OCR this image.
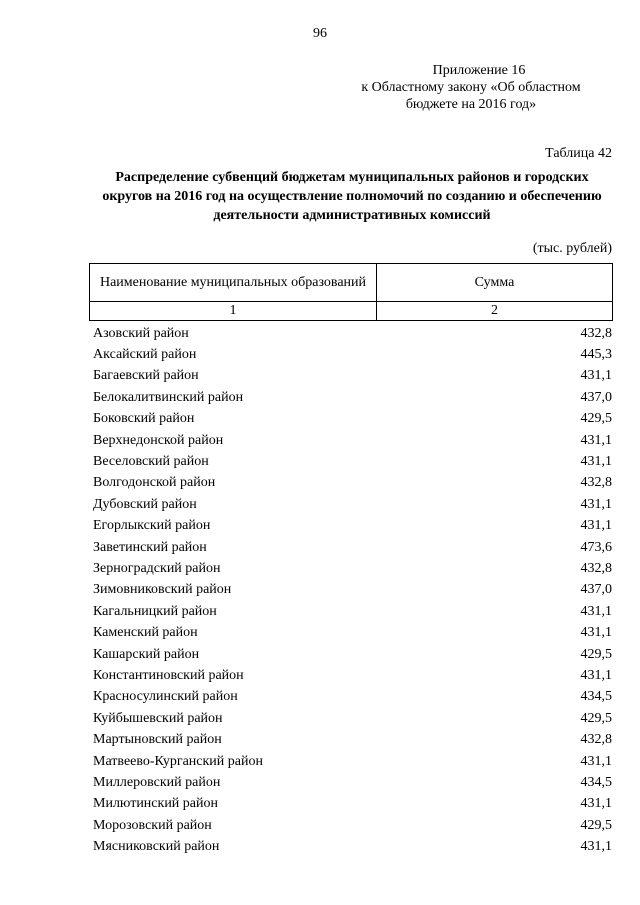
96
Приложение 16
к Областному закону «Об областном
бюджете на 2016 год»
Таблица 42
Распределение субвенций бюджетам муниципальных районов и городских округов на 2016 год на осуществление полномочий по созданию и обеспечению деятельности административных комиссий
(тыс. рублей)
Наименование муниципальных образований	Сумма
1	2
Азовский район	432,8
Аксайский район	445,3
Багаевский район	431,1
Белокалитвинский район	437,0
Боковский район	429,5
Верхнедонской район	431,1
Веселовский район	431,1
Волгодонской район	432,8
Дубовский район	431,1
Егорлыкский район	431,1
Заветинский район	473,6
Зерноградский район	432,8
Зимовниковский район	437,0
Кагальницкий район	431,1
Каменский район	431,1
Кашарский район	429,5
Константиновский район	431,1
Красносулинский район	434,5
Куйбышевский район	429,5
Мартыновский район	432,8
Матвеево-Курганский район	431,1
Миллеровский район	434,5
Милютинский район	431,1
Морозовский район	429,5
Мясниковский район	431,1
